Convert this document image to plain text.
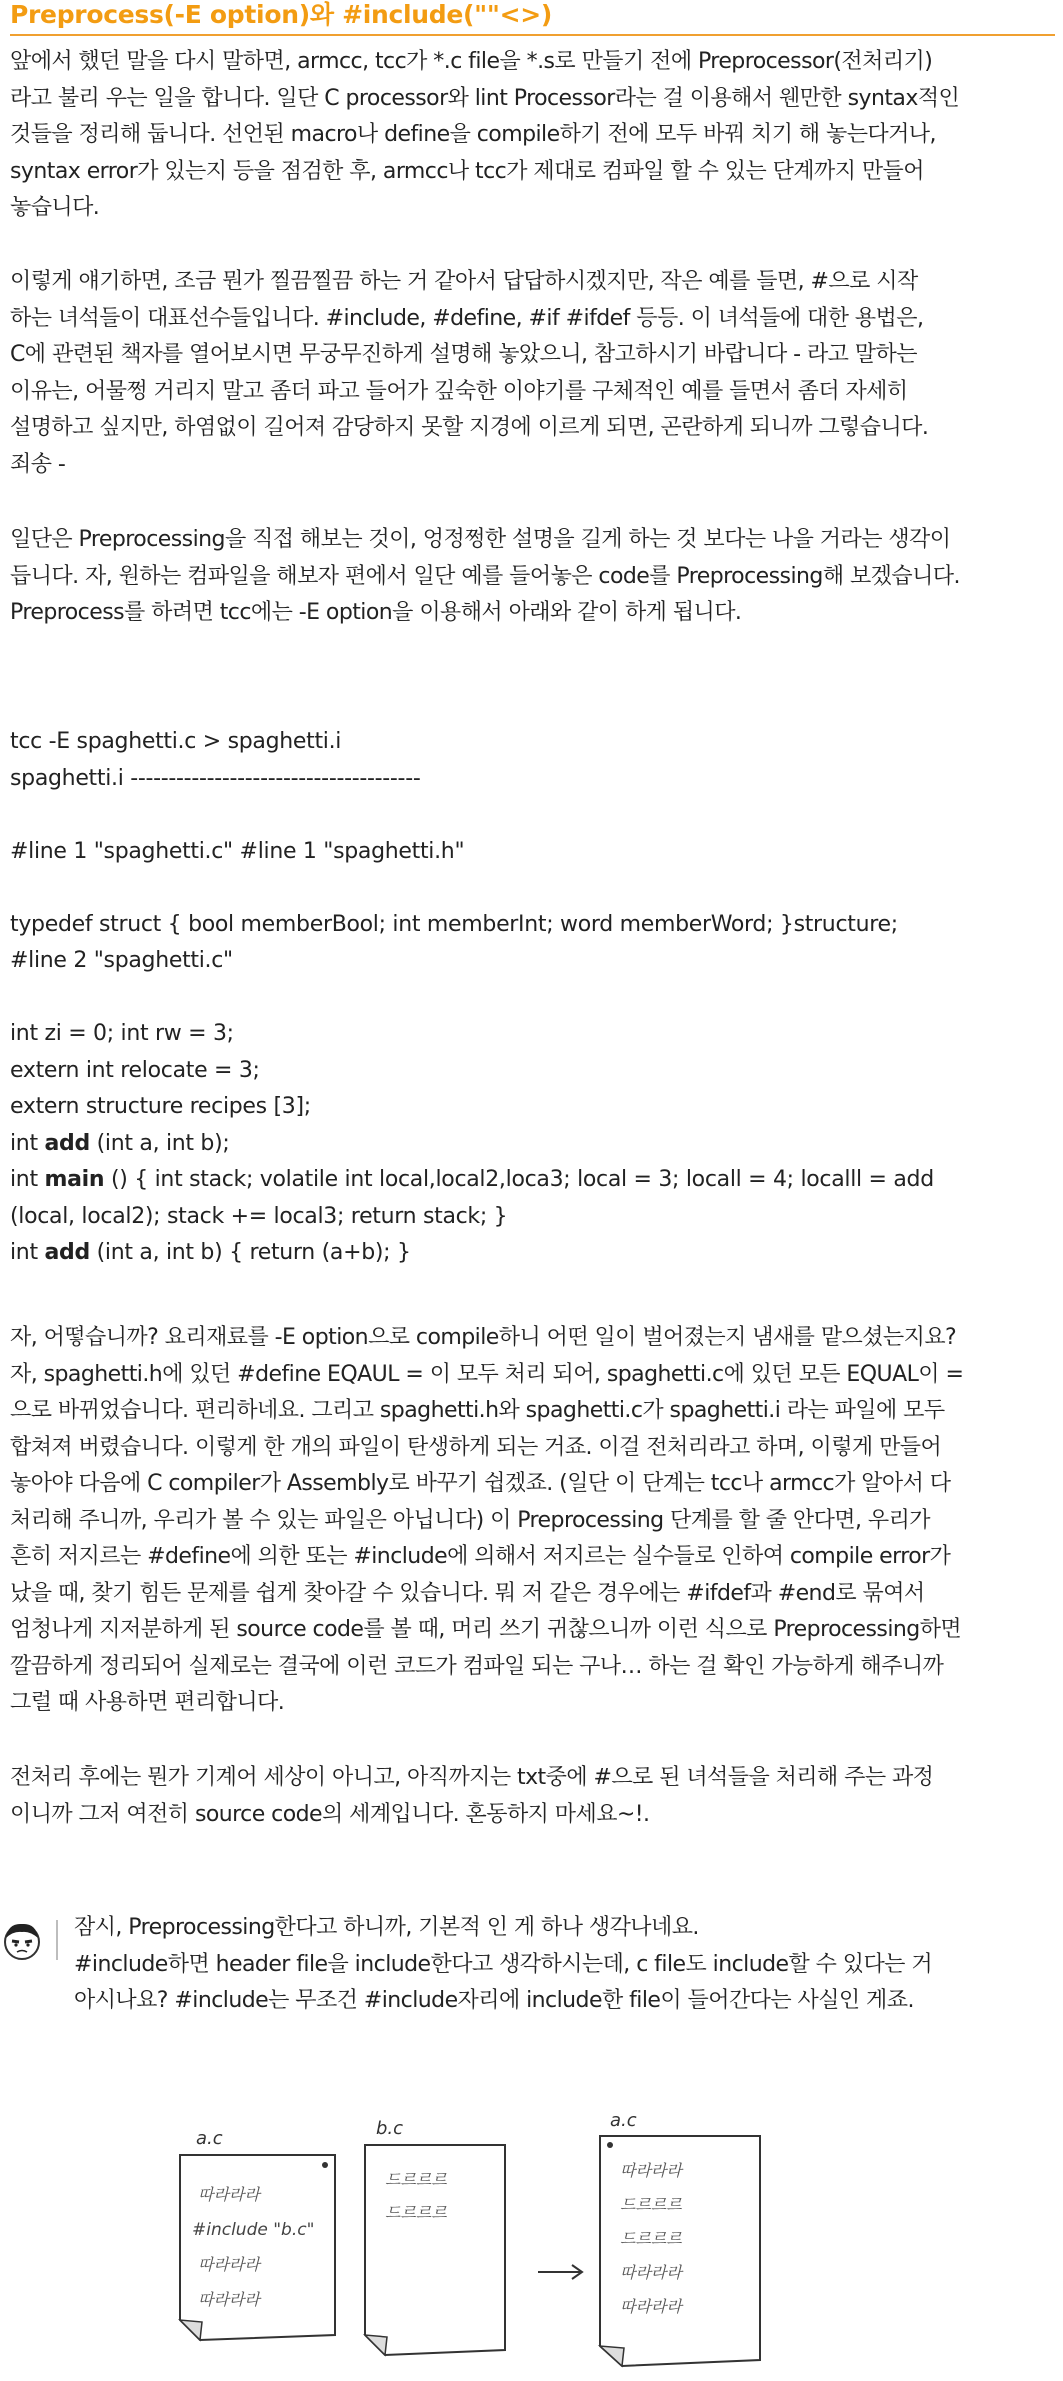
Preprocess(-E option)와 #include(""<>)
앞에서 했던 말을 다시 말하면, armcc, tcc가 *.c file을 *.s로 만들기 전에 Preprocessor(전처리기)
라고 불리 우는 일을 합니다. 일단 C processor와 lint Processor라는 걸 이용해서 웬만한 syntax적인
것들을 정리해 둡니다. 선언된 macro나 define을 compile하기 전에 모두 바꿔 치기 해 놓는다거나,
syntax error가 있는지 등을 점검한 후, armcc나 tcc가 제대로 컴파일 할 수 있는 단계까지 만들어
놓습니다.
이렇게 얘기하면, 조금 뭔가 찔끔찔끔 하는 거 같아서 답답하시겠지만, 작은 예를 들면, #으로 시작
하는 녀석들이 대표선수들입니다. #include, #define, #if #ifdef 등등. 이 녀석들에 대한 용법은,
C에 관련된 책자를 열어보시면 무궁무진하게 설명해 놓았으니, 참고하시기 바랍니다 - 라고 말하는
이유는, 어물쩡 거리지 말고 좀더 파고 들어가 깊숙한 이야기를 구체적인 예를 들면서 좀더 자세히
설명하고 싶지만, 하염없이 길어져 감당하지 못할 지경에 이르게 되면, 곤란하게 되니까 그렇습니다.
죄송 -
일단은 Preprocessing을 직접 해보는 것이, 엉정쩡한 설명을 길게 하는 것 보다는 나을 거라는 생각이
듭니다. 자, 원하는 컴파일을 해보자 편에서 일단 예를 들어놓은 code를 Preprocessing해 보겠습니다.
Preprocess를 하려면 tcc에는 -E option을 이용해서 아래와 같이 하게 됩니다.
tcc -E spaghetti.c > spaghetti.i
spaghetti.i --------------------------------------
#line 1 "spaghetti.c" #line 1 "spaghetti.h"
typedef struct { bool memberBool; int memberInt; word memberWord; }structure;
#line 2 "spaghetti.c"
int zi = 0; int rw = 3;
extern int relocate = 3;
extern structure recipes [3];
int add (int a, int b);
int main () { int stack; volatile int local,local2,loca3; local = 3; locall = 4; localll = add
(local, local2); stack += local3; return stack; }
int add (int a, int b) { return (a+b); }
자, 어떻습니까? 요리재료를 -E option으로 compile하니 어떤 일이 벌어졌는지 냄새를 맡으셨는지요?
자, spaghetti.h에 있던 #define EQAUL = 이 모두 처리 되어, spaghetti.c에 있던 모든 EQUAL이 =
으로 바뀌었습니다. 편리하네요. 그리고 spaghetti.h와 spaghetti.c가 spaghetti.i 라는 파일에 모두
합쳐져 버렸습니다. 이렇게 한 개의 파일이 탄생하게 되는 거죠. 이걸 전처리라고 하며, 이렇게 만들어
놓아야 다음에 C compiler가 Assembly로 바꾸기 쉽겠죠. (일단 이 단계는 tcc나 armcc가 알아서 다
처리해 주니까, 우리가 볼 수 있는 파일은 아닙니다) 이 Preprocessing 단계를 할 줄 안다면, 우리가
흔히 저지르는 #define에 의한 또는 #include에 의해서 저지르는 실수들로 인하여 compile error가
났을 때, 찾기 힘든 문제를 쉽게 찾아갈 수 있습니다. 뭐 저 같은 경우에는 #ifdef과 #end로 묶여서
엄청나게 지저분하게 된 source code를 볼 때, 머리 쓰기 귀찮으니까 이런 식으로 Preprocessing하면
깔끔하게 정리되어 실제로는 결국에 이런 코드가 컴파일 되는 구나… 하는 걸 확인 가능하게 해주니까
그럴 때 사용하면 편리합니다.
전처리 후에는 뭔가 기계어 세상이 아니고, 아직까지는 txt중에 #으로 된 녀석들을 처리해 주는 과정
이니까 그저 여전히 source code의 세계입니다. 혼동하지 마세요~!.
잠시, Preprocessing한다고 하니까, 기본적 인 게 하나 생각나네요.
#include하면 header file을 include한다고 생각하시는데, c file도 include할 수 있다는 거
아시나요? #include는 무조건 #include자리에 include한 file이 들어간다는 사실인 게죠.
a.c
따라라라
#include "b.c"
따라라라
따라라라
b.c
드르르르
드르르르
a.c
따라라라
드르르르
드르르르
따라라라
따라라라
